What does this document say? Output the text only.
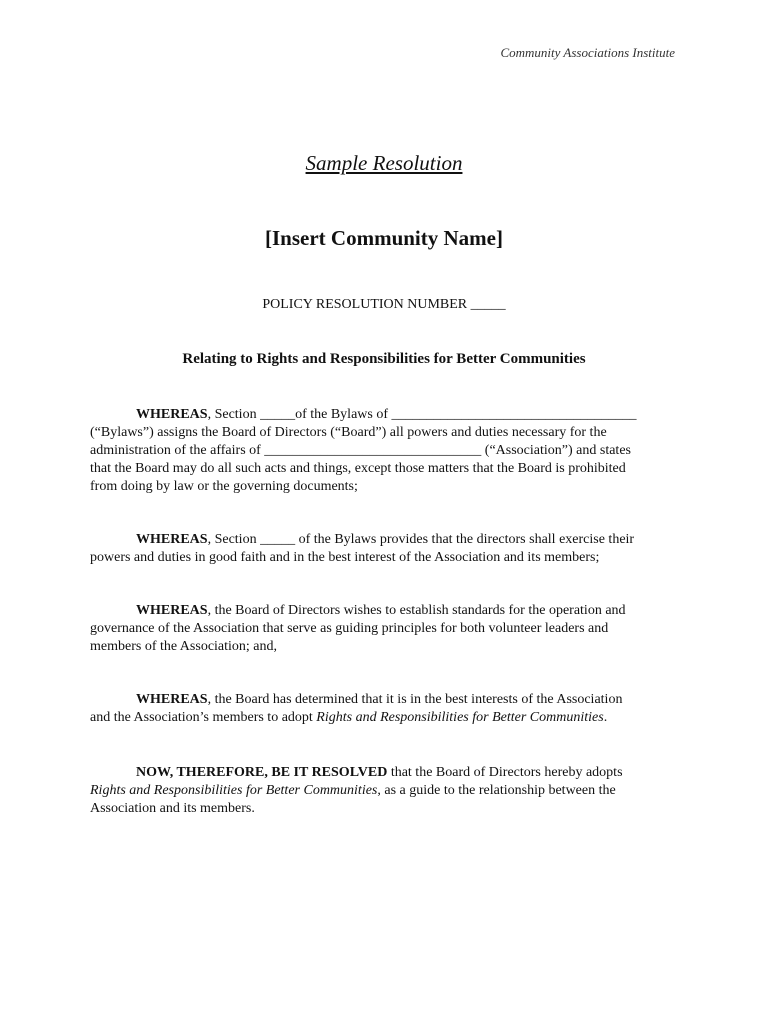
Community Associations Institute
Sample Resolution
[Insert Community Name]
POLICY RESOLUTION NUMBER _____
Relating to Rights and Responsibilities for Better Communities

WHEREAS, Section _____of the Bylaws of ___________________________________
(“Bylaws”) assigns the Board of Directors (“Board”) all powers and duties necessary for the
administration of the affairs of _______________________________ (“Association”) and states
that the Board may do all such acts and things, except those matters that the Board is prohibited
from doing by law or the governing documents;

WHEREAS, Section _____ of the Bylaws provides that the directors shall exercise their
powers and duties in good faith and in the best interest of the Association and its members;

WHEREAS, the Board of Directors wishes to establish standards for the operation and
governance of the Association that serve as guiding principles for both volunteer leaders and
members of the Association; and,

WHEREAS, the Board has determined that it is in the best interests of the Association
and the Association’s members to adopt Rights and Responsibilities for Better Communities.

NOW, THEREFORE, BE IT RESOLVED that the Board of Directors hereby adopts
Rights and Responsibilities for Better Communities, as a guide to the relationship between the
Association and its members.
